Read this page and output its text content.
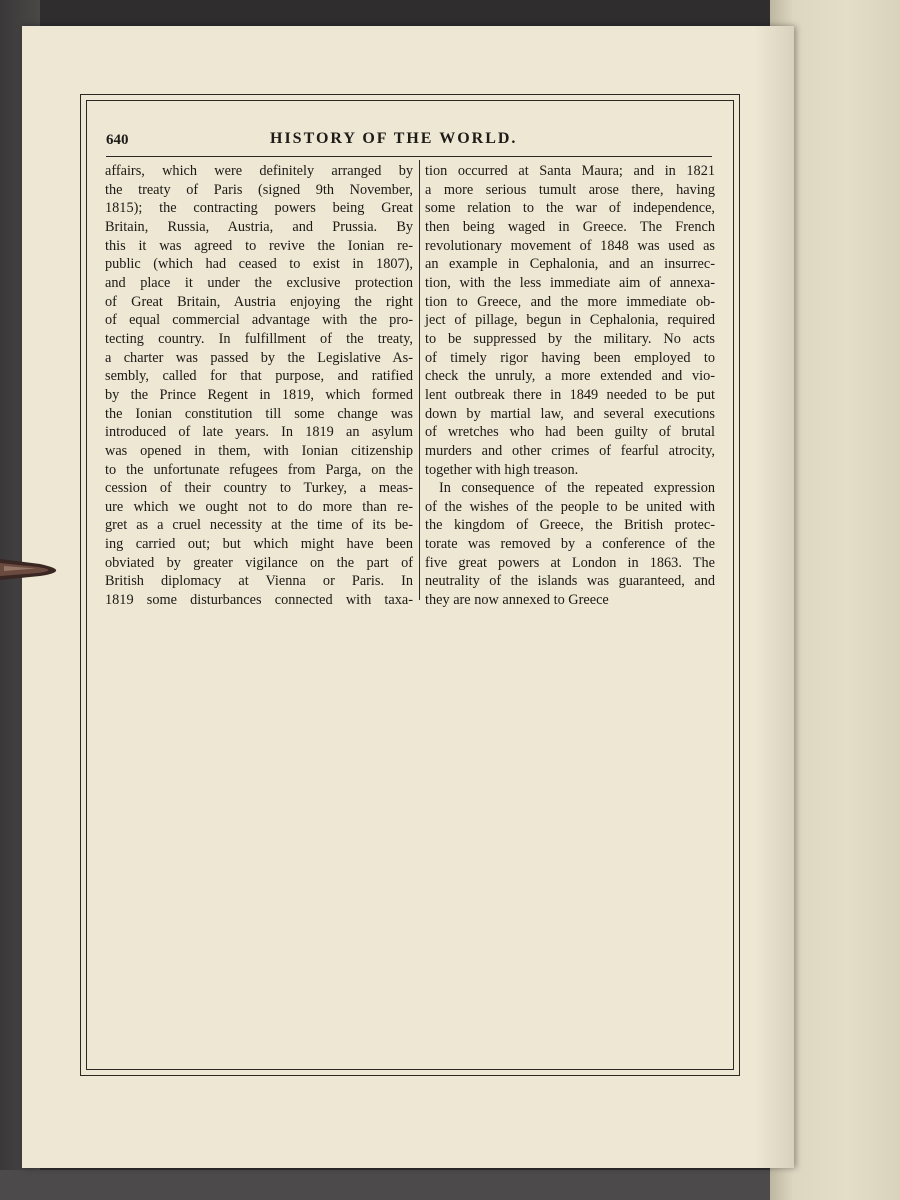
640	HISTORY OF THE WORLD.
affairs, which were definitely arranged by
the treaty of Paris (signed 9th November,
1815); the contracting powers being Great
Britain, Russia, Austria, and Prussia. By
this it was agreed to revive the Ionian re-
public (which had ceased to exist in 1807),
and place it under the exclusive protection
of Great Britain, Austria enjoying the right
of equal commercial advantage with the pro-
tecting country. In fulfillment of the treaty,
a charter was passed by the Legislative As-
sembly, called for that purpose, and ratified
by the Prince Regent in 1819, which formed
the Ionian constitution till some change was
introduced of late years. In 1819 an asylum
was opened in them, with Ionian citizenship
to the unfortunate refugees from Parga, on the
cession of their country to Turkey, a meas-
ure which we ought not to do more than re-
gret as a cruel necessity at the time of its be-
ing carried out; but which might have been
obviated by greater vigilance on the part of
British diplomacy at Vienna or Paris. In
1819 some disturbances connected with taxa-
tion occurred at Santa Maura; and in 1821
a more serious tumult arose there, having
some relation to the war of independence,
then being waged in Greece. The French
revolutionary movement of 1848 was used as
an example in Cephalonia, and an insurrec-
tion, with the less immediate aim of annexa-
tion to Greece, and the more immediate ob-
ject of pillage, begun in Cephalonia, required
to be suppressed by the military. No acts
of timely rigor having been employed to
check the unruly, a more extended and vio-
lent outbreak there in 1849 needed to be put
down by martial law, and several executions
of wretches who had been guilty of brutal
murders and other crimes of fearful atrocity,
together with high treason.
In consequence of the repeated expression
of the wishes of the people to be united with
the kingdom of Greece, the British protec-
torate was removed by a conference of the
five great powers at London in 1863. The
neutrality of the islands was guaranteed, and
they are now annexed to Greece
